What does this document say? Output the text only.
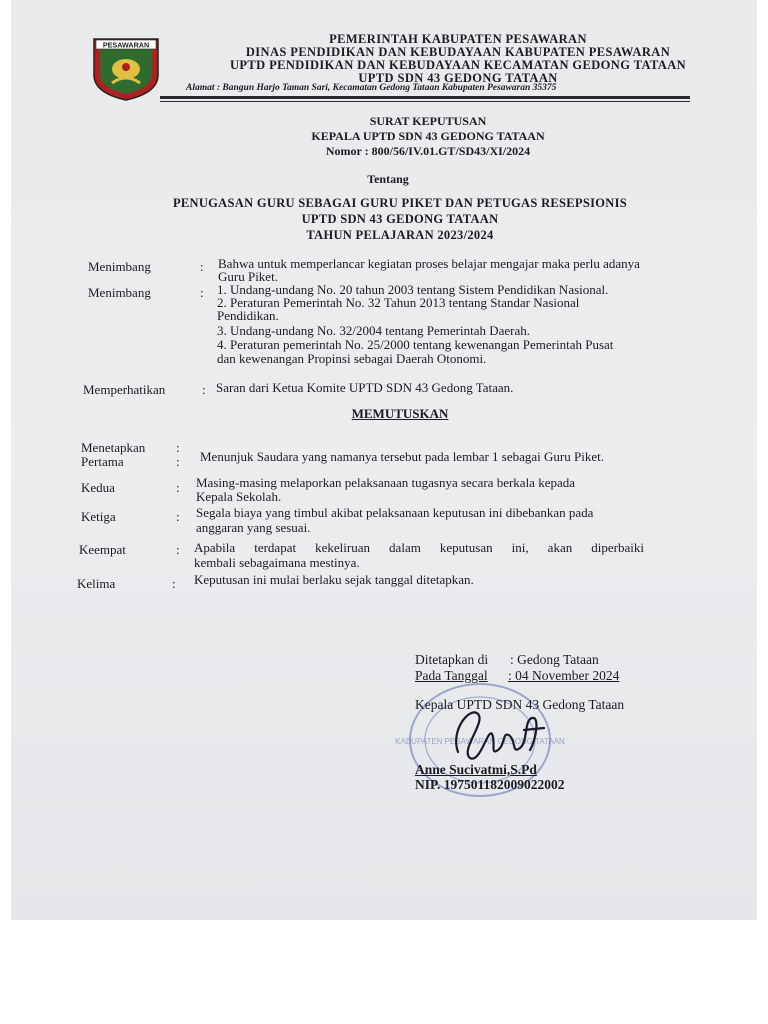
PESAWARAN	PEMERINTAH KABUPATEN PESAWARAN
DINAS PENDIDIKAN DAN KEBUDAYAAN KABUPATEN PESAWARAN
UPTD PENDIDIKAN DAN KEBUDAYAAN KECAMATAN GEDONG TATAAN
UPTD SDN 43 GEDONG TATAAN
Alamat : Bangun Harjo Taman Sari, Kecamatan Gedong Tataan Kabupaten Pesawaran 35375
SURAT KEPUTUSAN
KEPALA UPTD SDN 43 GEDONG TATAAN
Nomor : 800/56/IV.01.GT/SD43/XI/2024
Tentang
PENUGASAN GURU SEBAGAI GURU PIKET DAN PETUGAS RESEPSIONIS
UPTD SDN 43 GEDONG TATAAN
TAHUN PELAJARAN 2023/2024
Menimbang	: Bahwa untuk memperlancar kegiatan proses belajar mengajar maka perlu adanya
Guru Piket.
Menimbang	: 1. Undang-undang No. 20 tahun 2003 tentang Sistem Pendidikan Nasional.
2. Peraturan Pemerintah No. 32 Tahun 2013 tentang Standar Nasional
Pendidikan.
3. Undang-undang No. 32/2004 tentang Pemerintah Daerah.
4. Peraturan pemerintah No. 25/2000 tentang kewenangan Pemerintah Pusat
dan kewenangan Propinsi sebagai Daerah Otonomi.
Memperhatikan	: Saran dari Ketua Komite UPTD SDN 43 Gedong Tataan.
MEMUTUSKAN
Menetapkan :
Pertama	: Menunjuk Saudara yang namanya tersebut pada lembar 1 sebagai Guru Piket.
Kedua	: Masing-masing melaporkan pelaksanaan tugasnya secara berkala kepada
Kepala Sekolah.
Ketiga	: Segala biaya yang timbul akibat pelaksanaan keputusan ini dibebankan pada
anggaran yang sesuai.
Keempat	: Apabila terdapat kekeliruan dalam keputusan ini, akan diperbaiki
kembali sebagaimana mestinya.
Kelima	: Keputusan ini mulai berlaku sejak tanggal ditetapkan.
KABUPATEN PESAWARAN GEDONG TATAAN
Ditetapkan di : Gedong Tataan
Pada Tanggal : 04 November 2024
Kepala UPTD SDN 43 Gedong Tataan
Anne Sucivatmi,S.Pd
NIP. 197501182009022002
